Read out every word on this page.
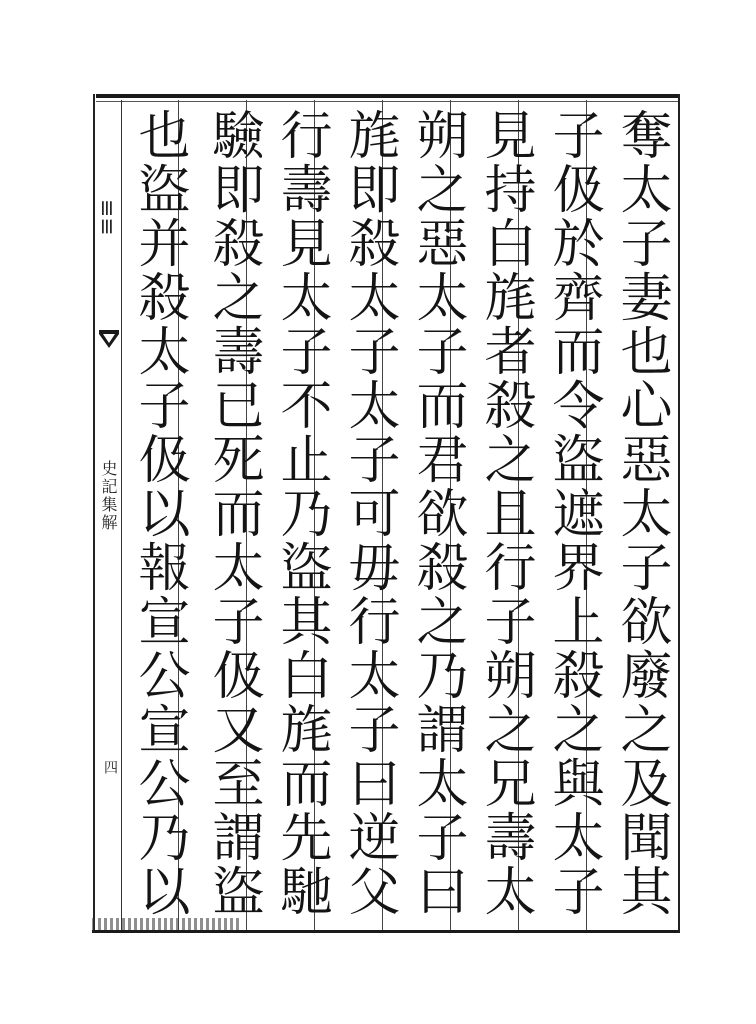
≡≡
史記集解
四
奪太子妻也心惡太子欲廢之及聞其
子伋於齊而令盜遮界上殺之與太子
見持白旄者殺之且行子朔之兄壽太
朔之惡太子而君欲殺之乃謂太子曰
旄即殺太子太子可毋行太子曰逆父
行壽見太子不止乃盜其白旄而先馳
驗即殺之壽已死而太子伋又至謂盜
也盜并殺太子伋以報宣公宣公乃以
